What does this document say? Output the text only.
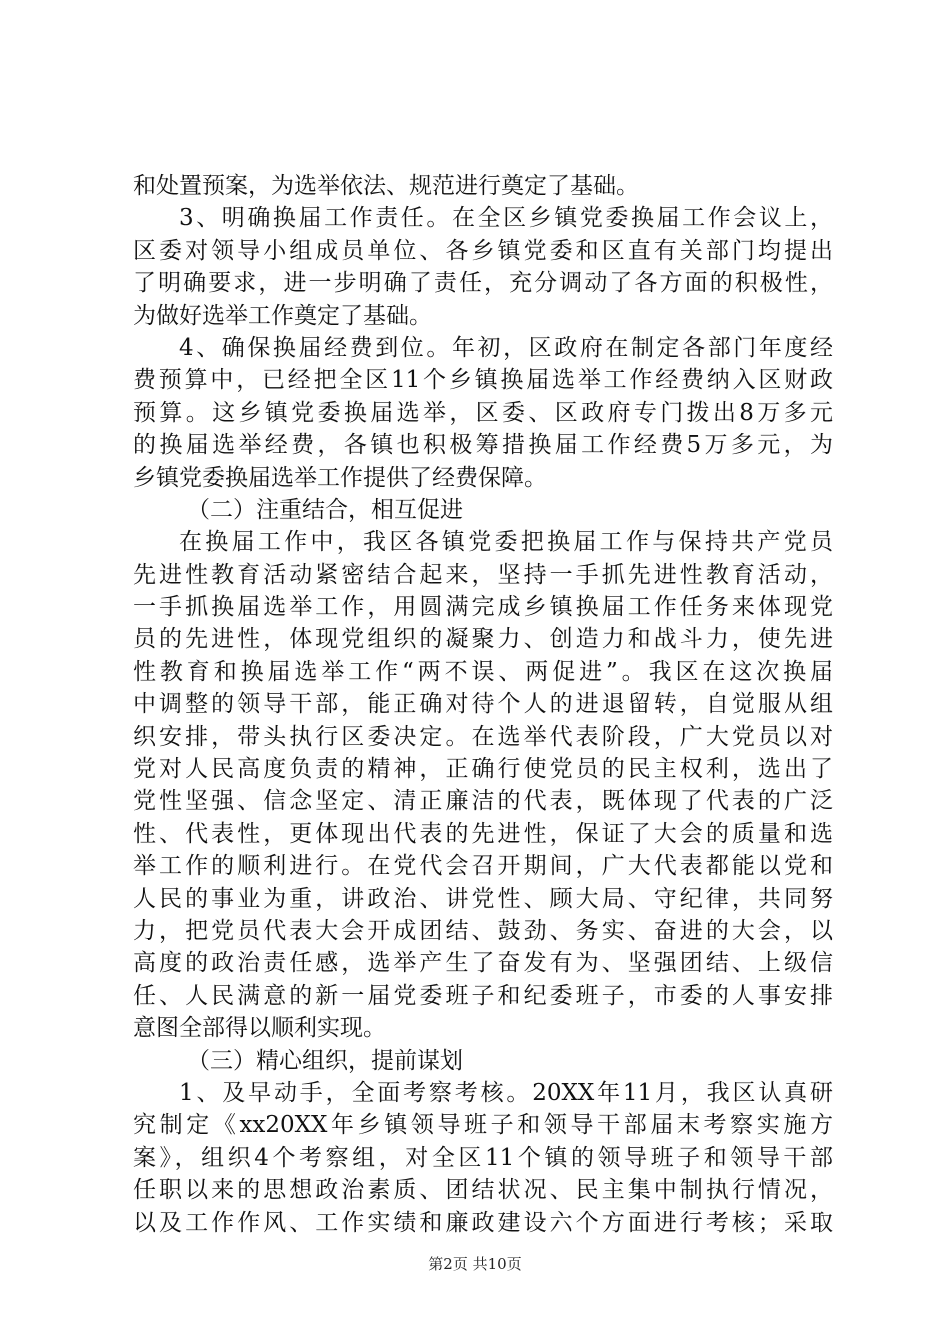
和处置预案，为选举依法、规范进行奠定了基础。
3、明确换届工作责任。在全区乡镇党委换届工作会议上，
区委对领导小组成员单位、各乡镇党委和区直有关部门均提出
了明确要求，进一步明确了责任，充分调动了各方面的积极性，
为做好选举工作奠定了基础。
4、确保换届经费到位。年初，区政府在制定各部门年度经
费预算中，已经把全区11个乡镇换届选举工作经费纳入区财政
预算。这乡镇党委换届选举，区委、区政府专门拨出8万多元
的换届选举经费，各镇也积极筹措换届工作经费5万多元，为
乡镇党委换届选举工作提供了经费保障。
（二）注重结合，相互促进
在换届工作中，我区各镇党委把换届工作与保持共产党员
先进性教育活动紧密结合起来，坚持一手抓先进性教育活动，
一手抓换届选举工作，用圆满完成乡镇换届工作任务来体现党
员的先进性，体现党组织的凝聚力、创造力和战斗力，使先进
性教育和换届选举工作“两不误、两促进”。我区在这次换届
中调整的领导干部，能正确对待个人的进退留转，自觉服从组
织安排，带头执行区委决定。在选举代表阶段，广大党员以对
党对人民高度负责的精神，正确行使党员的民主权利，选出了
党性坚强、信念坚定、清正廉洁的代表，既体现了代表的广泛
性、代表性，更体现出代表的先进性，保证了大会的质量和选
举工作的顺利进行。在党代会召开期间，广大代表都能以党和
人民的事业为重，讲政治、讲党性、顾大局、守纪律，共同努
力，把党员代表大会开成团结、鼓劲、务实、奋进的大会，以
高度的政治责任感，选举产生了奋发有为、坚强团结、上级信
任、人民满意的新一届党委班子和纪委班子，市委的人事安排
意图全部得以顺利实现。
（三）精心组织，提前谋划
1、及早动手，全面考察考核。20XX年11月，我区认真研
究制定《xx20XX年乡镇领导班子和领导干部届末考察实施方
案》，组织4个考察组，对全区11个镇的领导班子和领导干部
任职以来的思想政治素质、团结状况、民主集中制执行情况，
以及工作作风、工作实绩和廉政建设六个方面进行考核；采取
第2页 共10页
